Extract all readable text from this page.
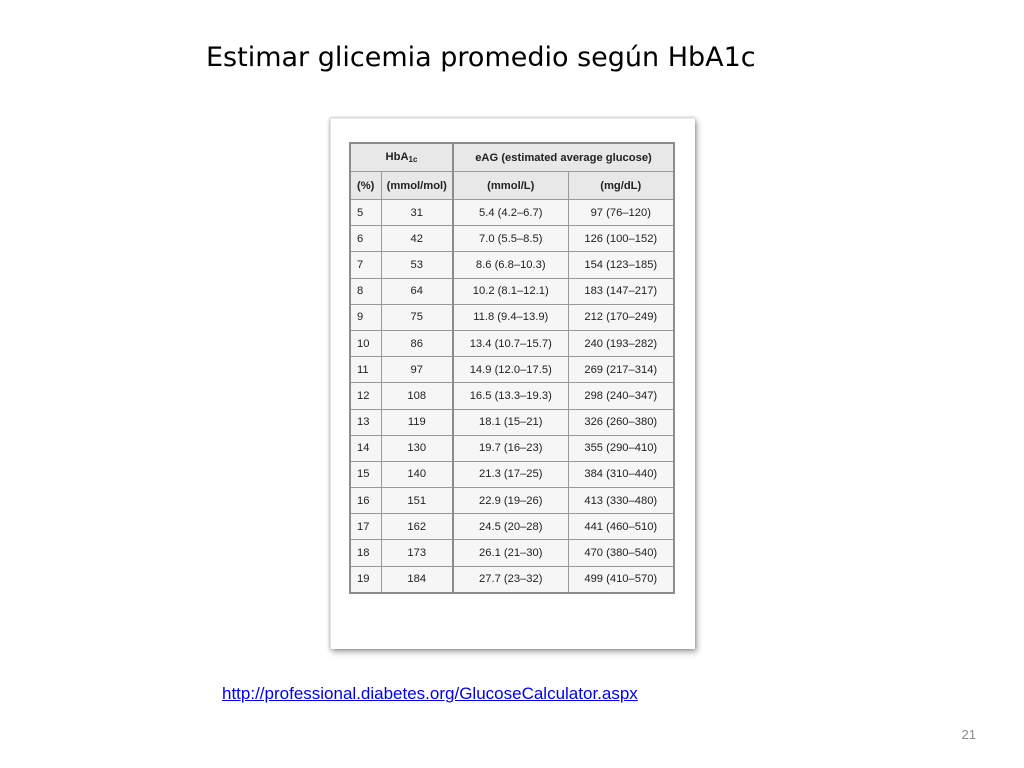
Estimar glicemia promedio según HbA1c
HbA1c		eAG (estimated average glucose)	
(%)	(mmol/mol)	(mmol/L)	(mg/dL)
5	31	5.4 (4.2–6.7)	97 (76–120)
6	42	7.0 (5.5–8.5)	126 (100–152)
7	53	8.6 (6.8–10.3)	154 (123–185)
8	64	10.2 (8.1–12.1)	183 (147–217)
9	75	11.8 (9.4–13.9)	212 (170–249)
10	86	13.4 (10.7–15.7)	240 (193–282)
11	97	14.9 (12.0–17.5)	269 (217–314)
12	108	16.5 (13.3–19.3)	298 (240–347)
13	119	18.1 (15–21)	326 (260–380)
14	130	19.7 (16–23)	355 (290–410)
15	140	21.3 (17–25)	384 (310–440)
16	151	22.9 (19–26)	413 (330–480)
17	162	24.5 (20–28)	441 (460–510)
18	173	26.1 (21–30)	470 (380–540)
19	184	27.7 (23–32)	499 (410–570)
http://professional.diabetes.org/GlucoseCalculator.aspx
21
